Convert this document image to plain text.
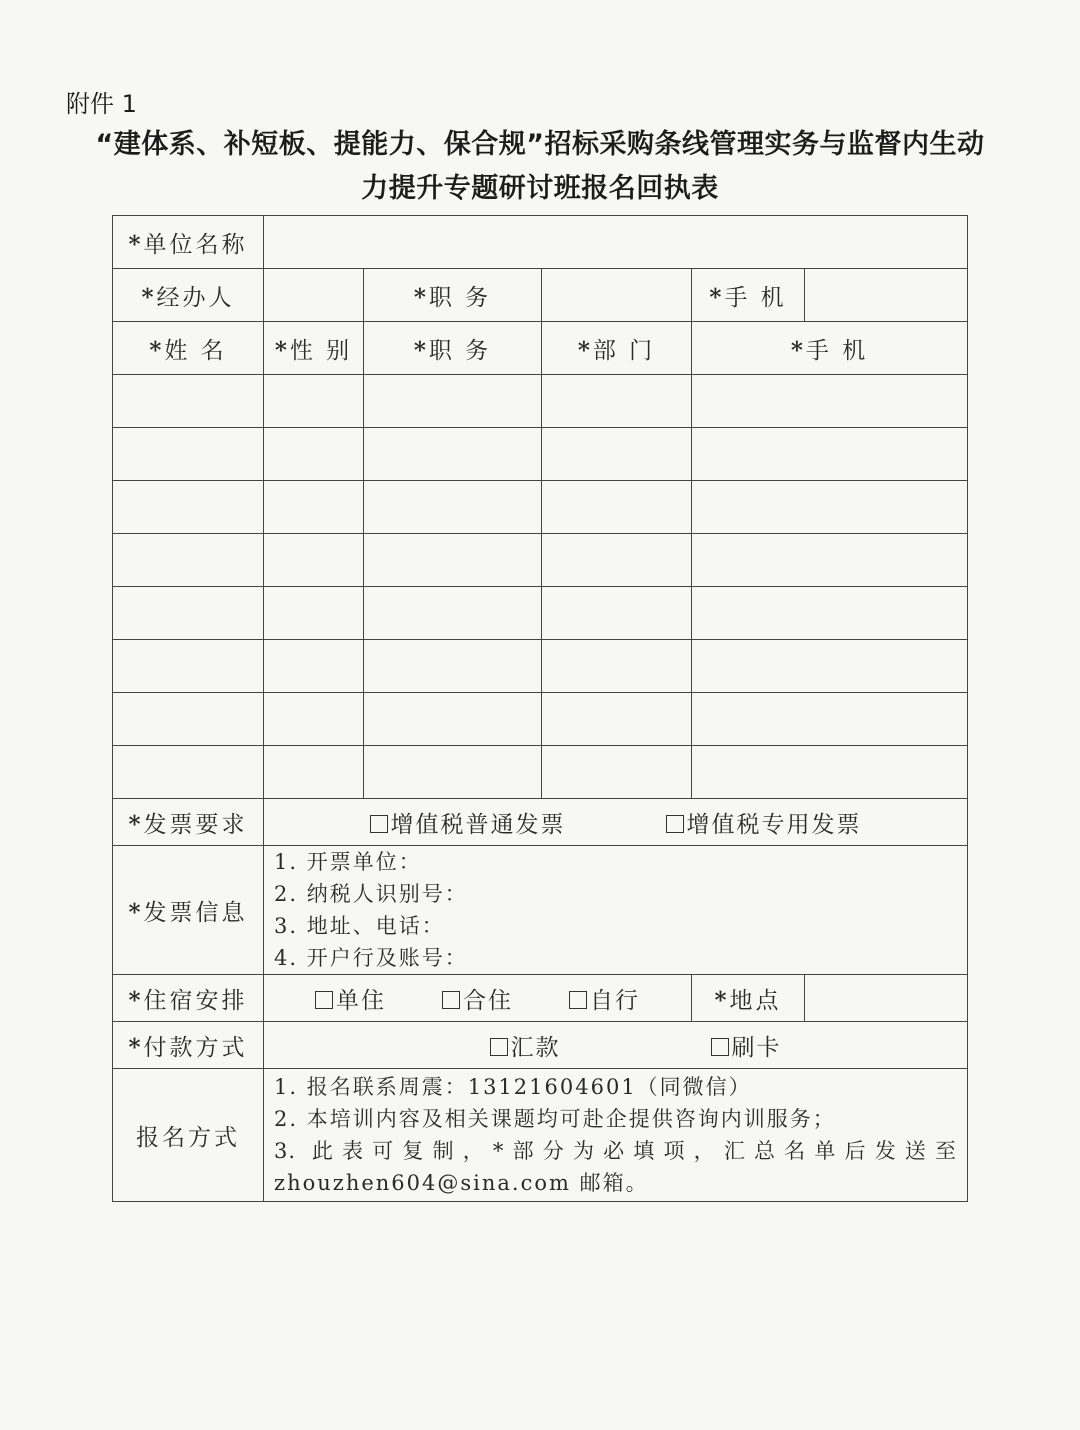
附件 1
“建体系、补短板、提能力、保合规”招标采购条线管理实务与监督内生动
力提升专题研讨班报名回执表
*单位名称					
*经办人		*职 务		*手 机	
*姓 名	*性 别	*职 务	*部 门	*手 机	

*发票要求	增值税普通发票 增值税专用发票				
*发票信息	1. 开票单位：
2. 纳税人识别号：
3. 地址、电话：
4. 开户行及账号：				

*住宿安排	单住 合住 自行			*地点	
*付款方式	汇款 刷卡				
报名方式	1. 报名联系周震：13121604601（同微信）
2. 本培训内容及相关课题均可赴企提供咨询内训服务；
3. 此表可复制，*部分为必填项，汇总名单后发送至
zhouzhen604@sina.com 邮箱。				
